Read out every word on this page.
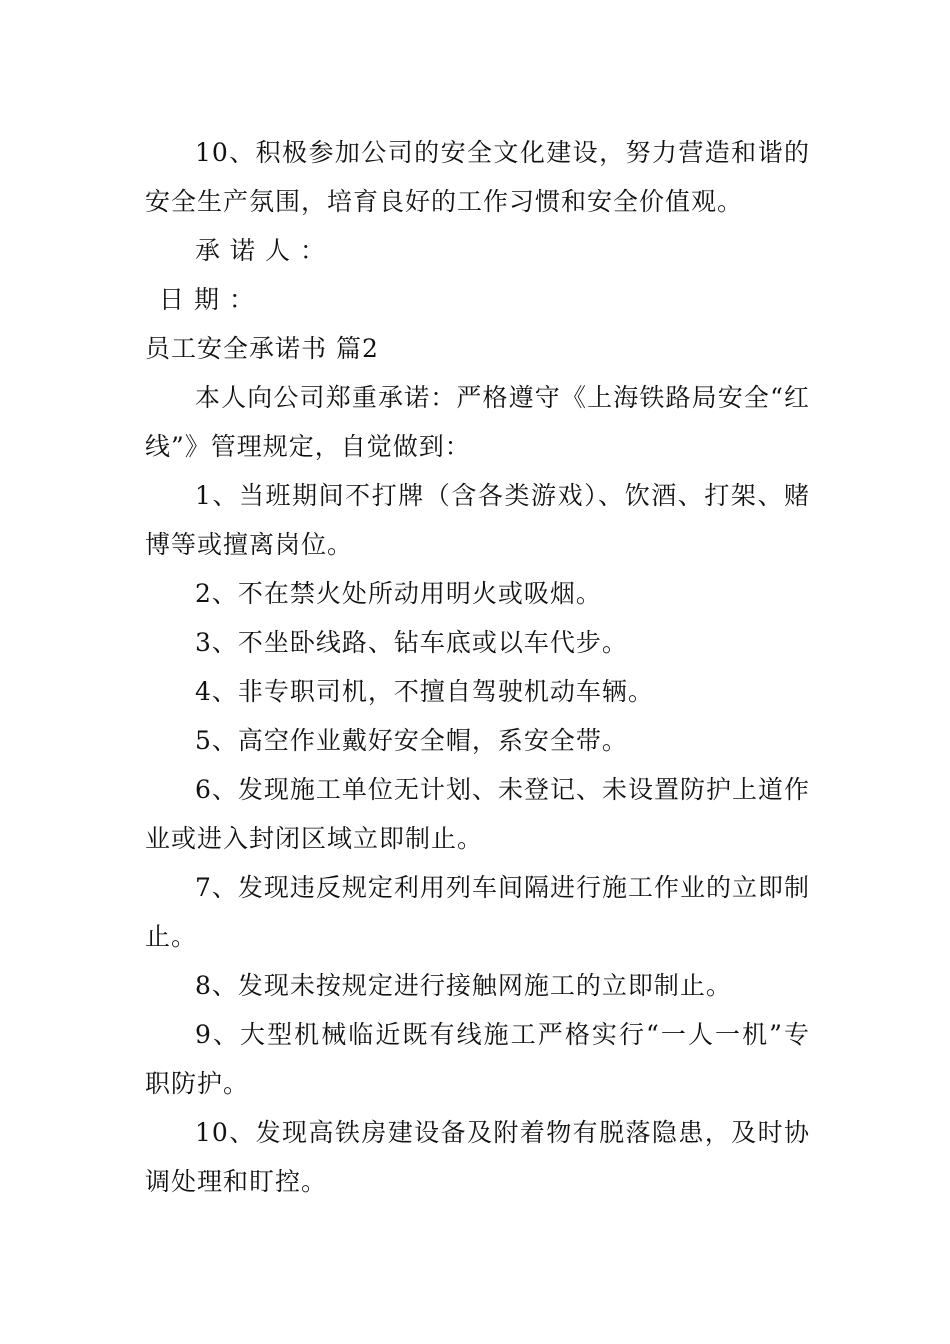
10、积极参加公司的安全文化建设，努力营造和谐的安全生产氛围，培育良好的工作习惯和安全价值观。

承诺人：

日期：

员工安全承诺书 篇2

本人向公司郑重承诺：严格遵守《上海铁路局安全“红线”》管理规定，自觉做到：

1、当班期间不打牌（含各类游戏）、饮酒、打架、赌博等或擅离岗位。

2、不在禁火处所动用明火或吸烟。

3、不坐卧线路、钻车底或以车代步。

4、非专职司机，不擅自驾驶机动车辆。

5、高空作业戴好安全帽，系安全带。

6、发现施工单位无计划、未登记、未设置防护上道作业或进入封闭区域立即制止。

7、发现违反规定利用列车间隔进行施工作业的立即制止。

8、发现未按规定进行接触网施工的立即制止。

9、大型机械临近既有线施工严格实行“一人一机”专职防护。

10、发现高铁房建设备及附着物有脱落隐患，及时协调处理和盯控。
